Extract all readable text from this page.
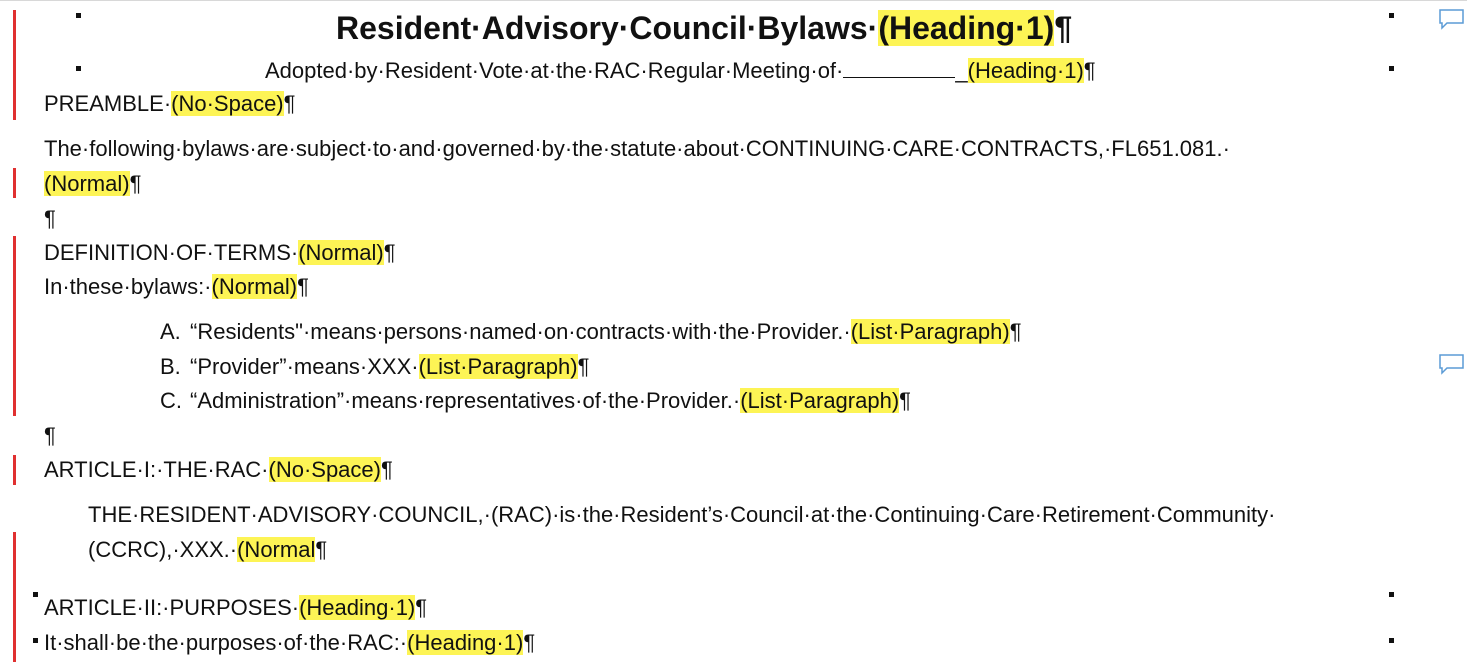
Resident·Advisory·Council·Bylaws·(Heading·1)¶
Adopted·by·Resident·Vote·at·the·RAC·Regular·Meeting·of·	_(Heading·1)¶
PREAMBLE·(No·Space)¶
The·following·bylaws·are·subject·to·and·governed·by·the·statute·about·CONTINUING·CARE·CONTRACTS,·FL651.081.·
(Normal)¶
¶
DEFINITION·OF·TERMS·(Normal)¶
In·these·bylaws:·(Normal)¶
A. “Residents"·means·persons·named·on·contracts·with·the·Provider.·(List·Paragraph)¶
B. “Provider”·means·XXX·(List·Paragraph)¶
C. “Administration”·means·representatives·of·the·Provider.·(List·Paragraph)¶
¶
ARTICLE·I:·THE·RAC·(No·Space)¶
THE·RESIDENT·ADVISORY·COUNCIL,·(RAC)·is·the·Resident’s·Council·at·the·Continuing·Care·Retirement·Community·
(CCRC),·XXX.·(Normal¶
ARTICLE·II:·PURPOSES·(Heading·1)¶
It·shall·be·the·purposes·of·the·RAC:·(Heading·1)¶
